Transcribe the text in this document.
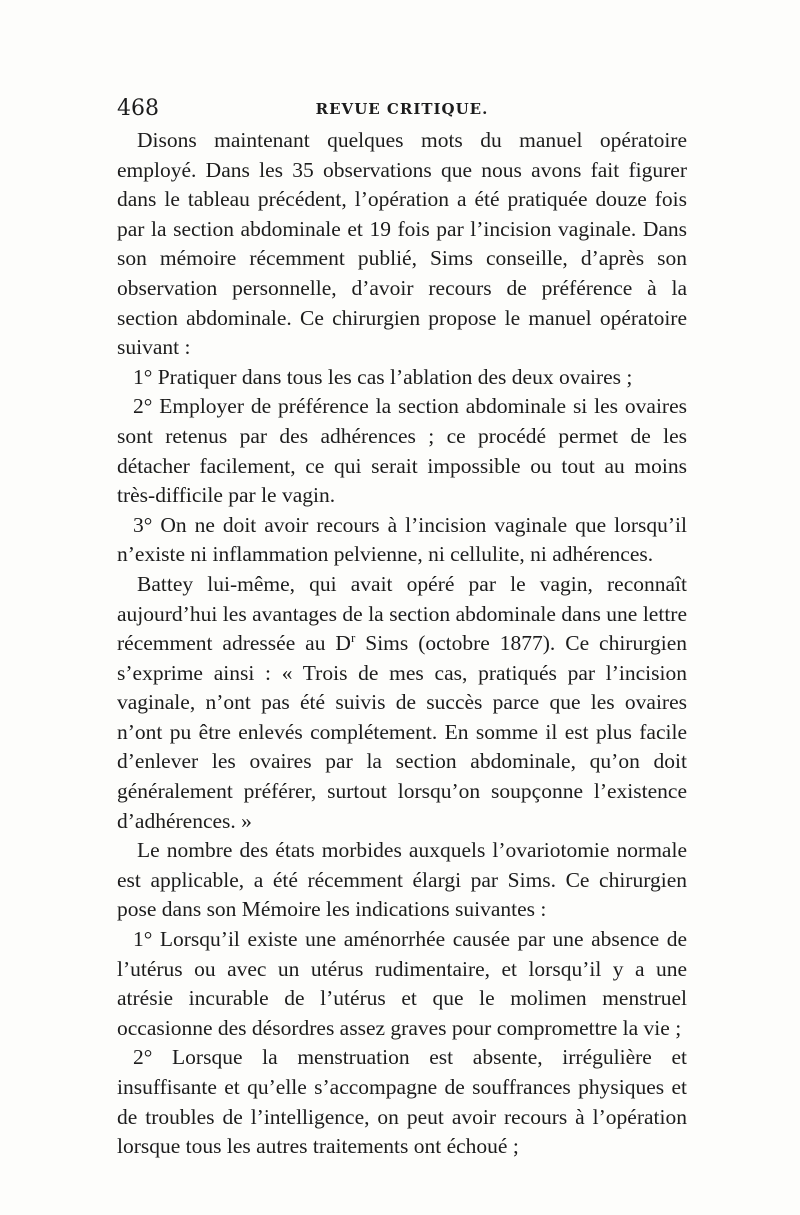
468	REVUE CRITIQUE.

Disons maintenant quelques mots du manuel opératoire employé. Dans les 35 observations que nous avons fait figurer dans le tableau précédent, l’opération a été pratiquée douze fois par la section abdominale et 19 fois par l’incision vaginale. Dans son mémoire récemment publié, Sims conseille, d’après son observation personnelle, d’avoir recours de préférence à la section abdominale. Ce chirurgien propose le manuel opératoire suivant :

1° Pratiquer dans tous les cas l’ablation des deux ovaires ;

2° Employer de préférence la section abdominale si les ovaires sont retenus par des adhérences ; ce procédé permet de les détacher facilement, ce qui serait impossible ou tout au moins très-difficile par le vagin.

3° On ne doit avoir recours à l’incision vaginale que lorsqu’il n’existe ni inflammation pelvienne, ni cellulite, ni adhérences.

Battey lui-même, qui avait opéré par le vagin, reconnaît aujourd’hui les avantages de la section abdominale dans une lettre récemment adressée au $D^r$ Sims (octobre 1877). Ce chirurgien s’exprime ainsi : « Trois de mes cas, pratiqués par l’incision vaginale, n’ont pas été suivis de succès parce que les ovaires n’ont pu être enlevés complétement. En somme il est plus facile d’enlever les ovaires par la section abdominale, qu’on doit généralement préférer, surtout lorsqu’on soupçonne l’existence d’adhérences. »

Le nombre des états morbides auxquels l’ovariotomie normale est applicable, a été récemment élargi par Sims. Ce chirurgien pose dans son Mémoire les indications suivantes :

1° Lorsqu’il existe une aménorrhée causée par une absence de l’utérus ou avec un utérus rudimentaire, et lorsqu’il y a une atrésie incurable de l’utérus et que le molimen menstruel occasionne des désordres assez graves pour compromettre la vie ;

2° Lorsque la menstruation est absente, irrégulière et insuffisante et qu’elle s’accompagne de souffrances physiques et de troubles de l’intelligence, on peut avoir recours à l’opération lorsque tous les autres traitements ont échoué ;
